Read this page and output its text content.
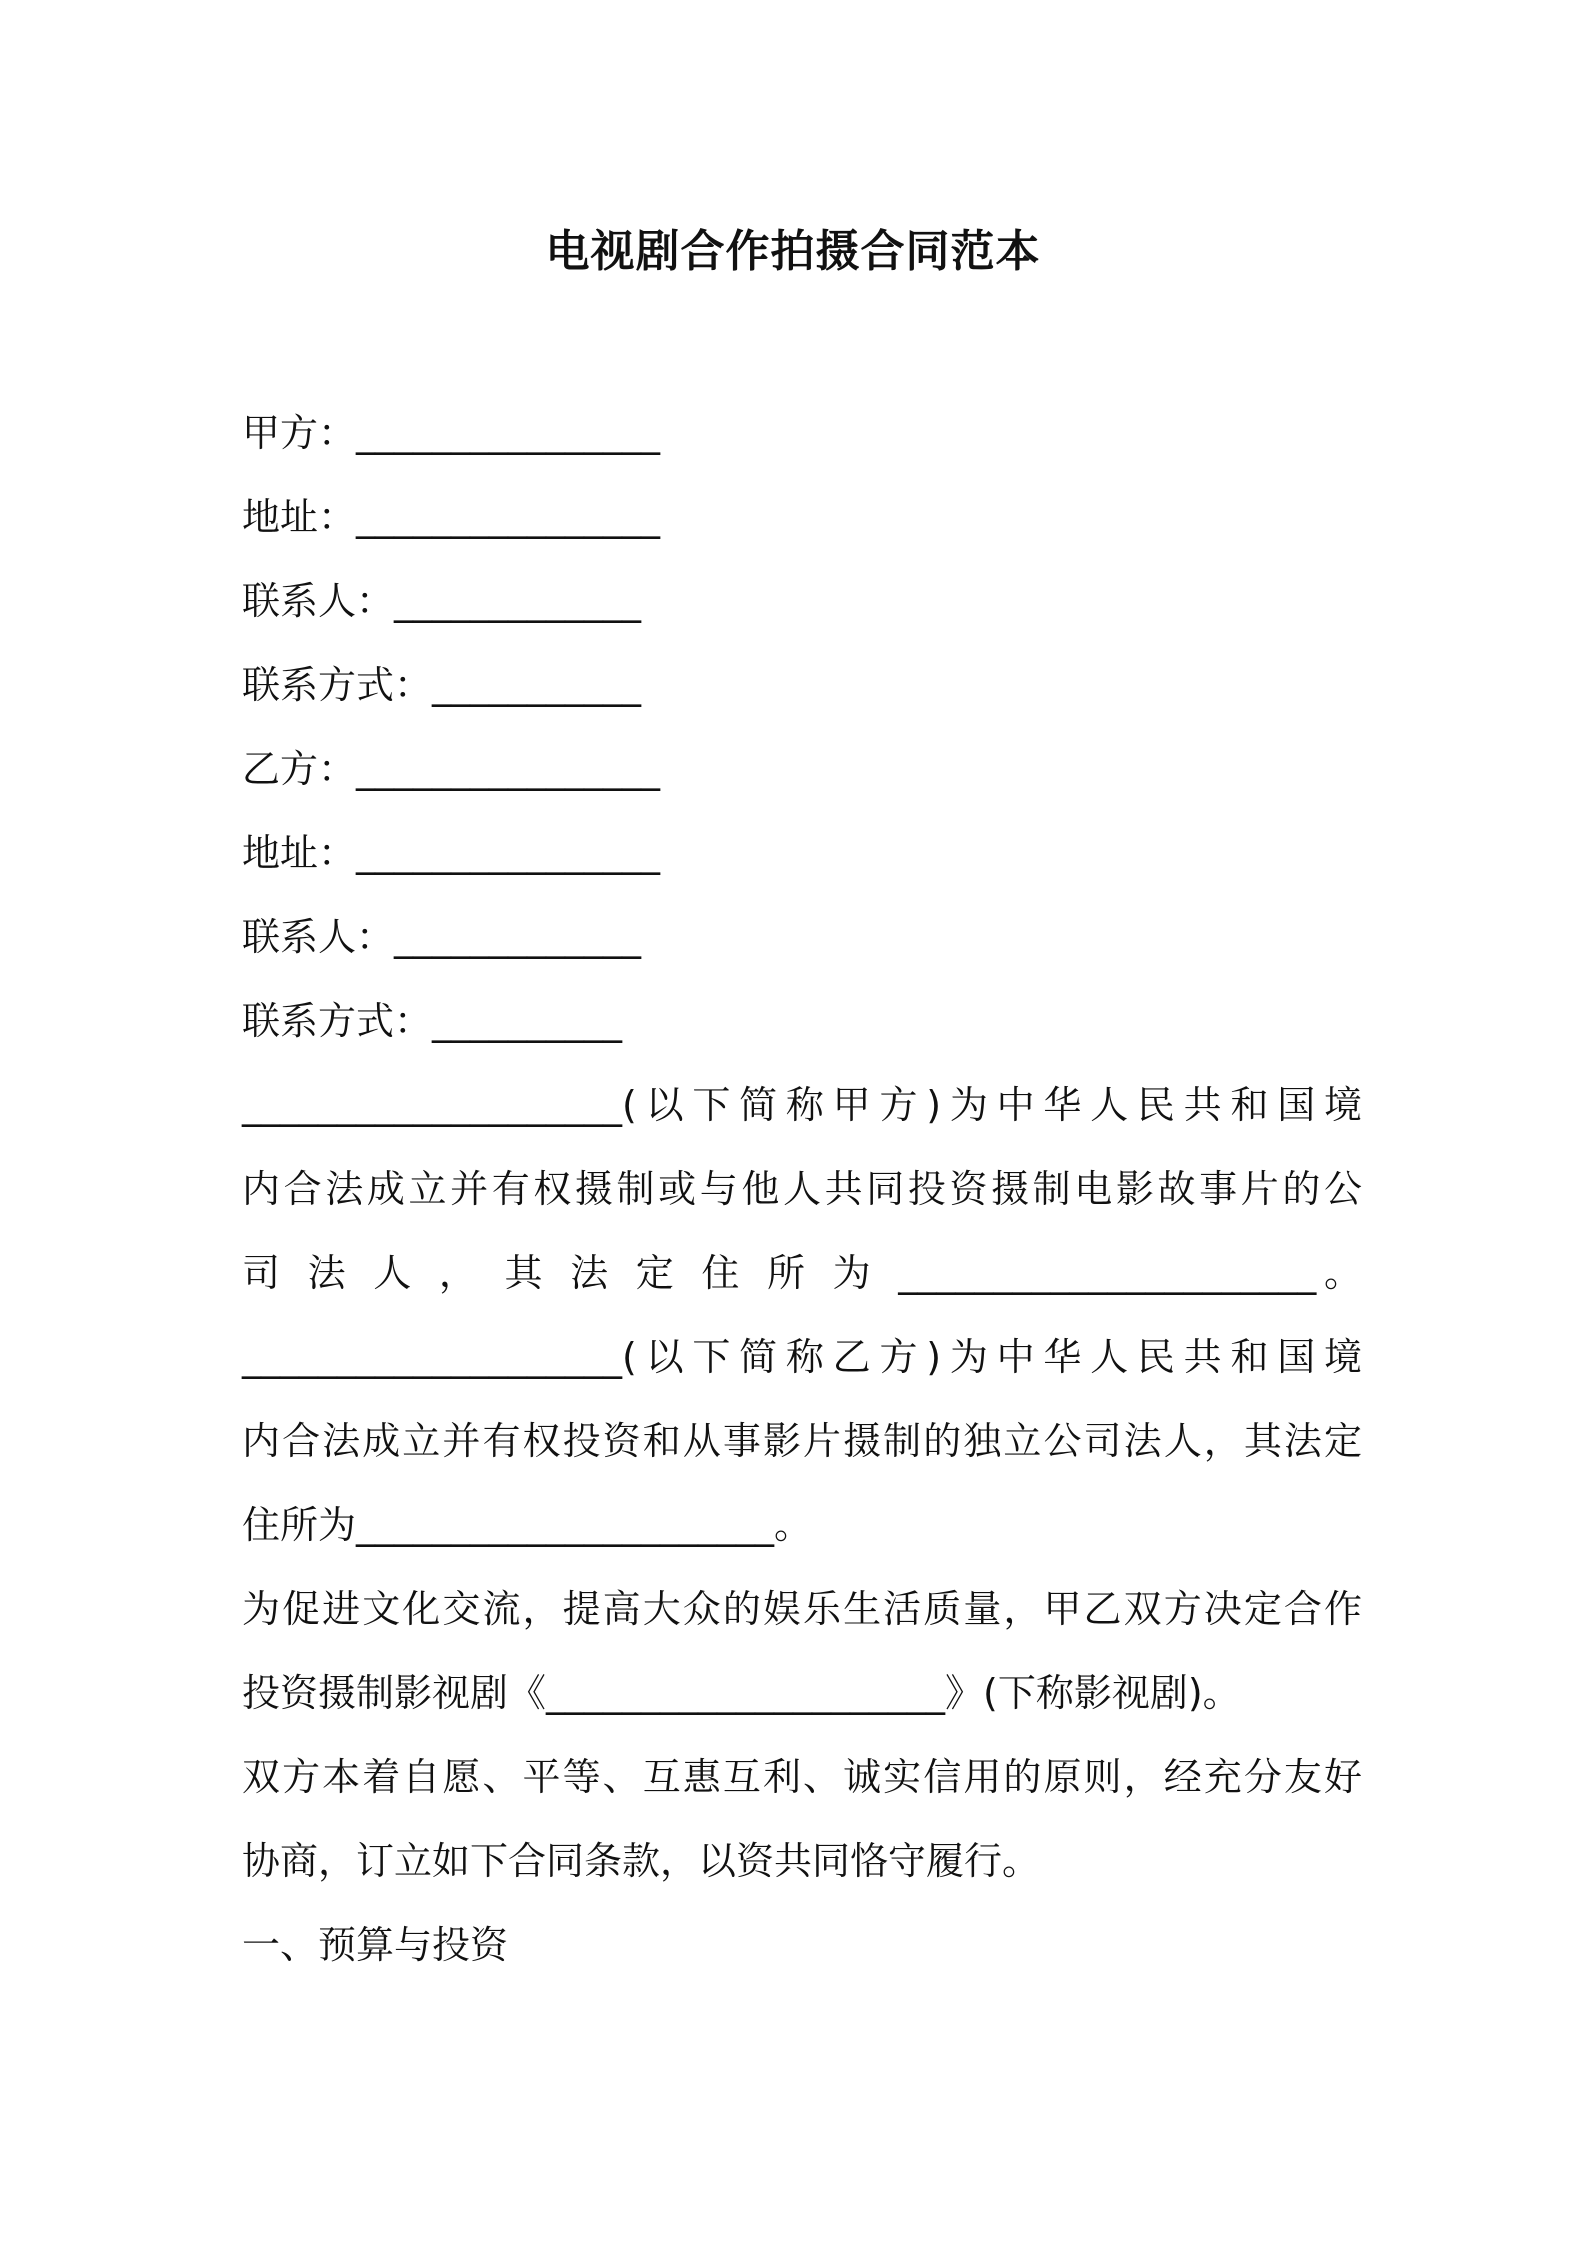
电视剧合作拍摄合同范本
甲方：________________
地址：________________
联系人：_____________
联系方式：___________
乙方：________________
地址：________________
联系人：_____________
联系方式：__________
____________________(以下简称甲方)为中华人民共和国境
内合法成立并有权摄制或与他人共同投资摄制电影故事片的公
司 法 人 ， 其 法 定 住 所 为 ______________________。
____________________(以下简称乙方)为中华人民共和国境
内合法成立并有权投资和从事影片摄制的独立公司法人，其法定
住所为______________________。
为促进文化交流，提高大众的娱乐生活质量，甲乙双方决定合作
投资摄制影视剧《_____________________》(下称影视剧)。
双方本着自愿、平等、互惠互利、诚实信用的原则，经充分友好
协商，订立如下合同条款，以资共同恪守履行。
一、预算与投资
